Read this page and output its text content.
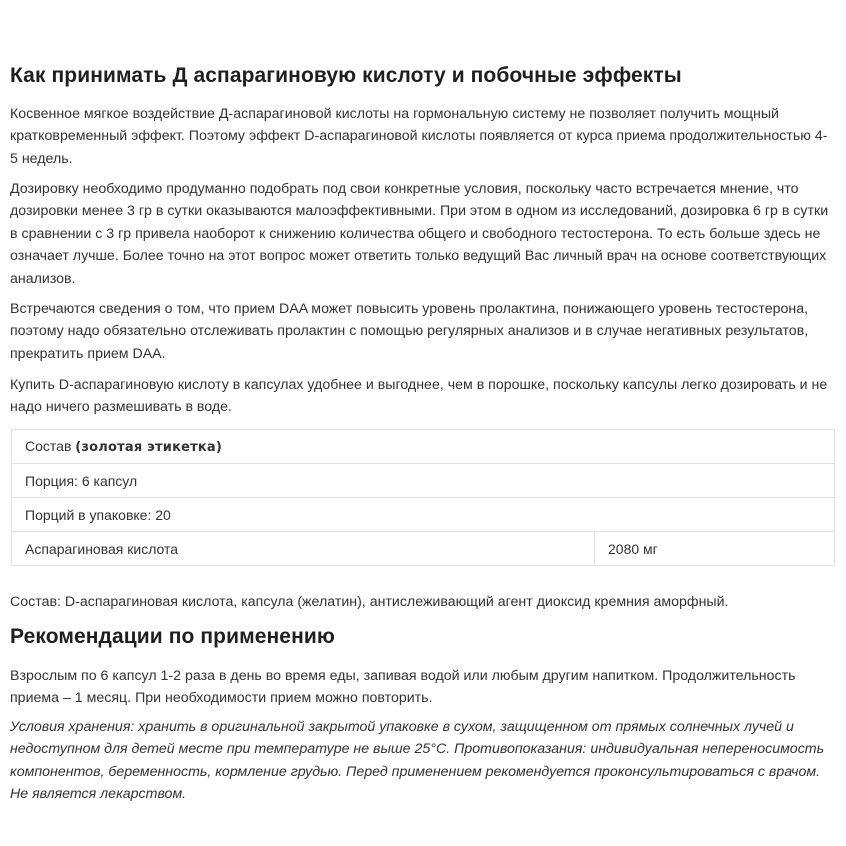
Как принимать Д аспарагиновую кислоту и побочные эффекты

Косвенное мягкое воздействие Д-аспарагиновой кислоты на гормональную систему не позволяет получить мощный кратковременный эффект. Поэтому эффект D-аспарагиновой кислоты появляется от курса приема продолжительностью 4-5 недель.

Дозировку необходимо продуманно подобрать под свои конкретные условия, поскольку часто встречается мнение, что дозировки менее 3 гр в сутки оказываются малоэффективными. При этом в одном из исследований, дозировка 6 гр в сутки в сравнении с 3 гр привела наоборот к снижению количества общего и свободного тестостерона. То есть больше здесь не означает лучше. Более точно на этот вопрос может ответить только ведущий Вас личный врач на основе соответствующих анализов.

Встречаются сведения о том, что прием DAA может повысить уровень пролактина, понижающего уровень тестостерона, поэтому надо обязательно отслеживать пролактин с помощью регулярных анализов и в случае негативных результатов, прекратить прием DAA.

Купить D-аспарагиновую кислоту в капсулах удобнее и выгоднее, чем в порошке, поскольку капсулы легко дозировать и не надо ничего размешивать в воде.

Состав (золотая этикетка)
Порция: 6 капсул
Порций в упаковке: 20
Аспарагиновая кислота	2080 мг

Состав: D-аспарагиновая кислота, капсула (желатин), антислеживающий агент диоксид кремния аморфный.

Рекомендации по применению

Взрослым по 6 капсул 1-2 раза в день во время еды, запивая водой или любым другим напитком. Продолжительность приема – 1 месяц. При необходимости прием можно повторить.

Условия хранения: хранить в оригинальной закрытой упаковке в сухом, защищенном от прямых солнечных лучей и недоступном для детей месте при температуре не выше 25°C. Противопоказания: индивидуальная непереносимость компонентов, беременность, кормление грудью. Перед применением рекомендуется проконсультироваться с врачом. Не является лекарством.
